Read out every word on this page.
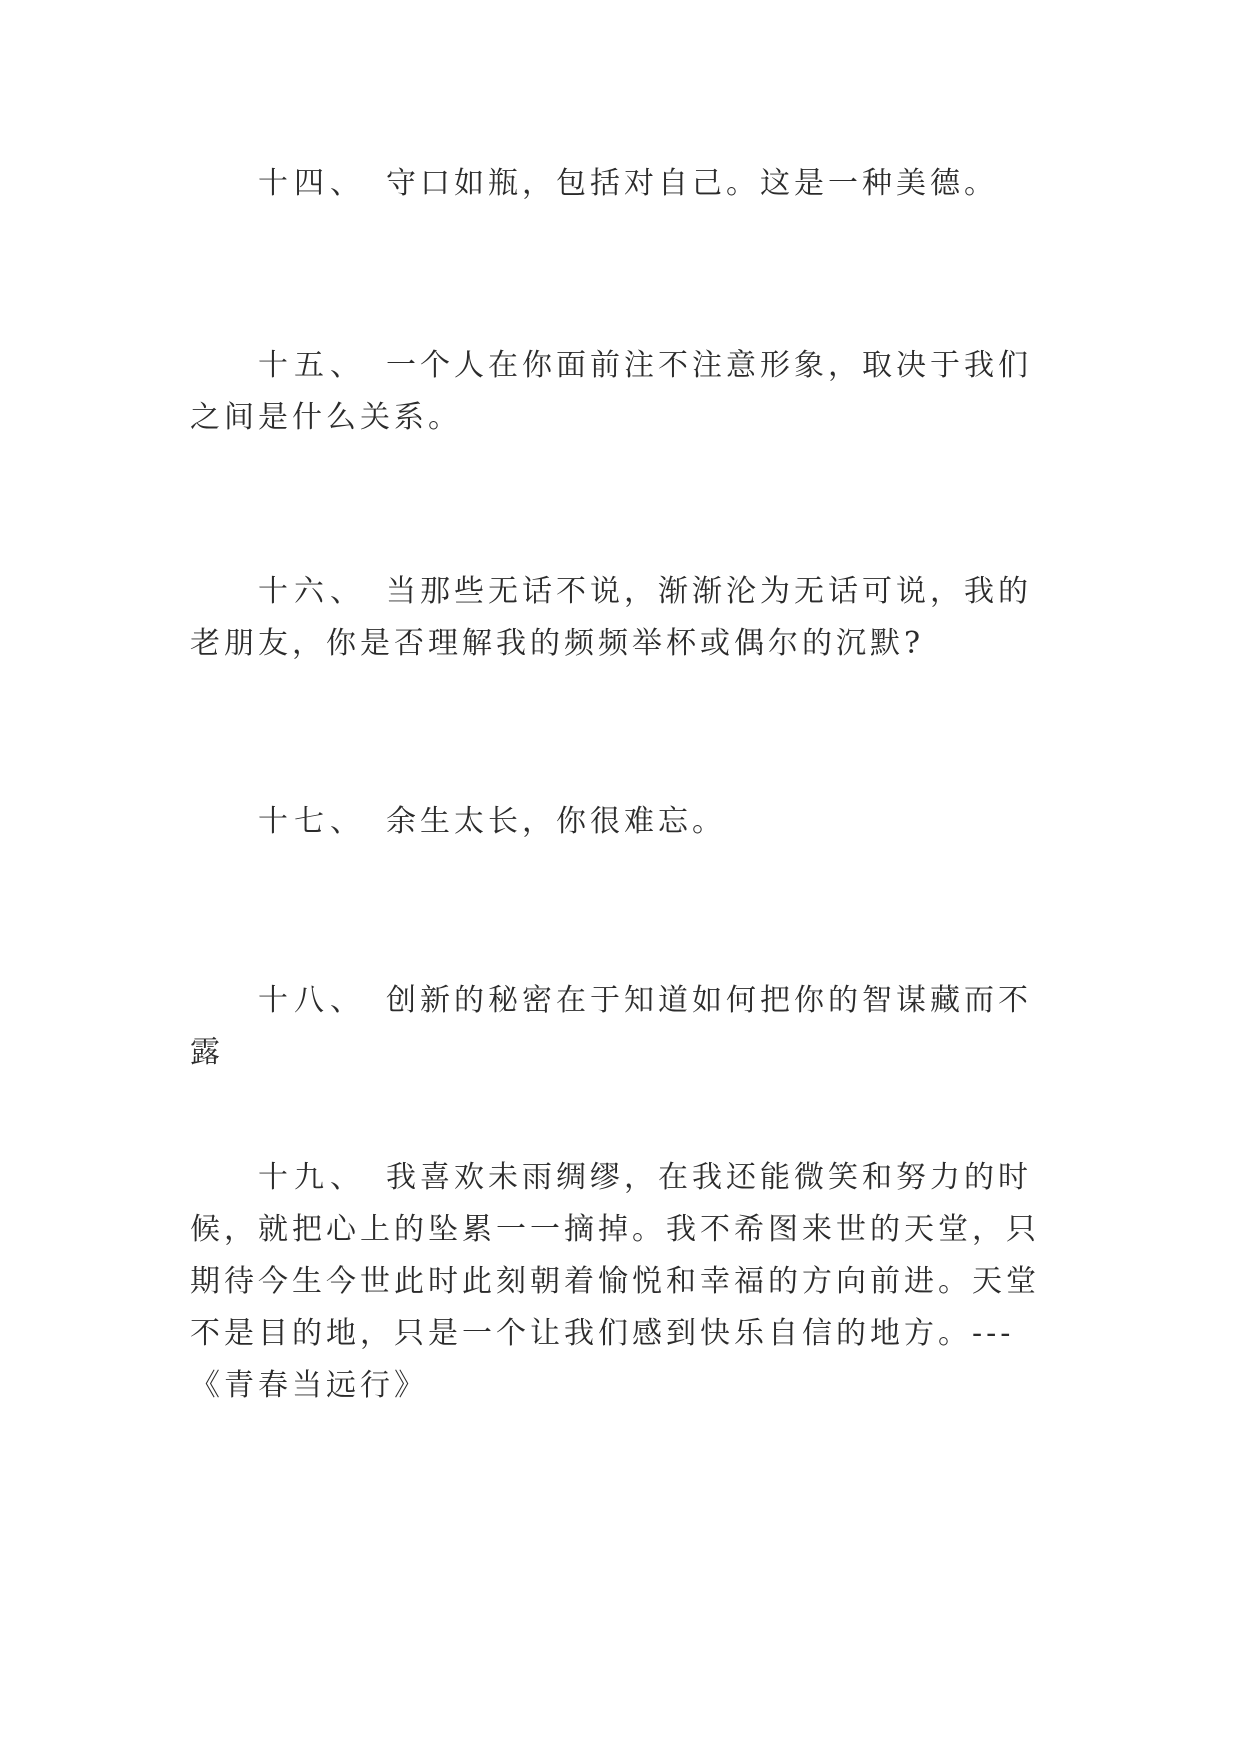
十四、 守口如瓶，包括对自己。这是一种美德。

十五、 一个人在你面前注不注意形象，取决于我们之间是什么关系。

十六、 当那些无话不说，渐渐沦为无话可说，我的老朋友，你是否理解我的频频举杯或偶尔的沉默?

十七、 余生太长，你很难忘。

十八、 创新的秘密在于知道如何把你的智谋藏而不露

十九、 我喜欢未雨绸缪，在我还能微笑和努力的时候，就把心上的坠累一一摘掉。我不希图来世的天堂，只期待今生今世此时此刻朝着愉悦和幸福的方向前进。天堂不是目的地，只是一个让我们感到快乐自信的地方。---《青春当远行》
